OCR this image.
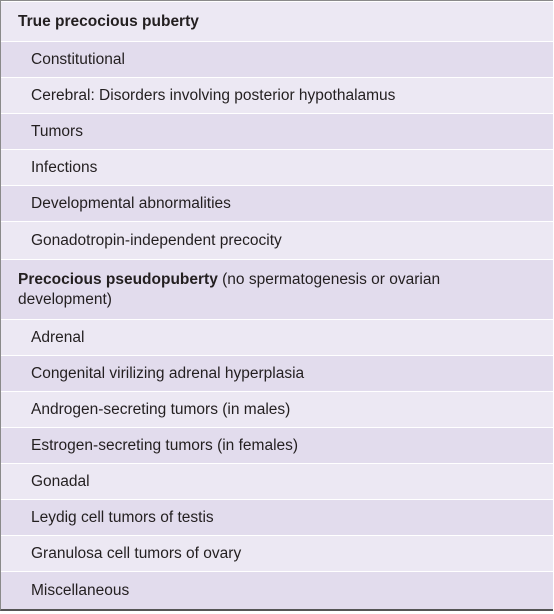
True precocious puberty
Constitutional
Cerebral: Disorders involving posterior hypothalamus
Tumors
Infections
Developmental abnormalities
Gonadotropin-independent precocity
Precocious pseudopuberty (no spermatogenesis or ovarian development)
Adrenal
Congenital virilizing adrenal hyperplasia
Androgen-secreting tumors (in males)
Estrogen-secreting tumors (in females)
Gonadal
Leydig cell tumors of testis
Granulosa cell tumors of ovary
Miscellaneous
